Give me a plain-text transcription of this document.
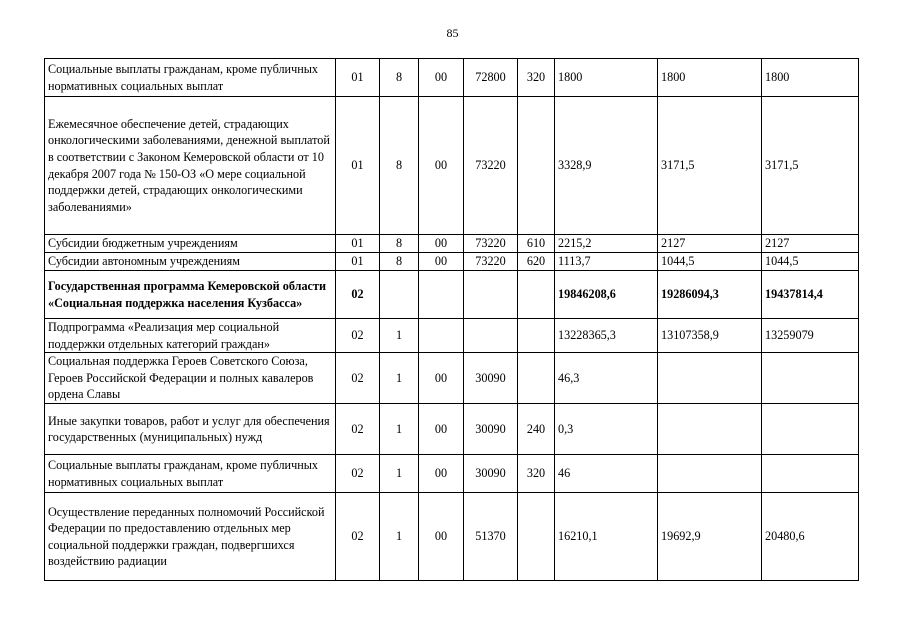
85
Социальные выплаты гражданам, кроме публичных нормативных социальных выплат	01	8	00	72800	320	1800	1800	1800
Ежемесячное обеспечение детей, страдающих онкологическими заболеваниями, денежной выплатой в соответствии с Законом Кемеровской области от 10 декабря 2007 года № 150-ОЗ «О мере социальной поддержки детей, страдающих онкологическими заболеваниями»	01	8	00	73220		3328,9	3171,5	3171,5
Субсидии бюджетным учреждениям	01	8	00	73220	610	2215,2	2127	2127
Субсидии автономным учреждениям	01	8	00	73220	620	1113,7	1044,5	1044,5
Государственная программа Кемеровской области «Социальная поддержка населения Кузбасса»	02					19846208,6	19286094,3	19437814,4
Подпрограмма «Реализация мер социальной поддержки отдельных категорий граждан»	02	1				13228365,3	13107358,9	13259079
Социальная поддержка Героев Советского Союза, Героев Российской Федерации и полных кавалеров ордена Славы	02	1	00	30090		46,3		
Иные закупки товаров, работ и услуг для обеспечения государственных (муниципальных) нужд	02	1	00	30090	240	0,3		
Социальные выплаты гражданам, кроме публичных нормативных социальных выплат	02	1	00	30090	320	46		
Осуществление переданных полномочий Российской Федерации по предоставлению отдельных мер социальной поддержки граждан, подвергшихся воздействию радиации	02	1	00	51370		16210,1	19692,9	20480,6
